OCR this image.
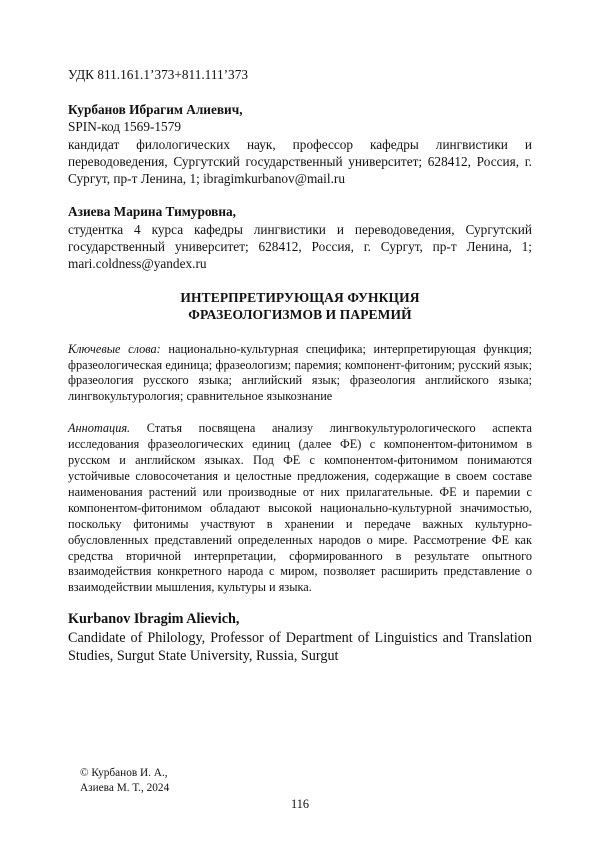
УДК 811.161.1’373+811.111’373
Курбанов Ибрагим Алиевич,
SPIN-код 1569-1579
кандидат филологических наук, профессор кафедры лингвистики и переводоведения, Сургутский государственный университет; 628412, Россия, г. Сургут, пр-т Ленина, 1; ibragimkurbanov@mail.ru
Азиева Марина Тимуровна,
студентка 4 курса кафедры лингвистики и переводоведения, Сургутский государственный университет; 628412, Россия, г. Сургут, пр-т Ленина, 1; mari.coldness@yandex.ru
ИНТЕРПРЕТИРУЮЩАЯ ФУНКЦИЯ
ФРАЗЕОЛОГИЗМОВ И ПАРЕМИЙ
Ключевые слова: национально-культурная специфика; интерпретирующая функция; фразеологическая единица; фразеологизм; паремия; компонент-фитоним; русский язык; фразеология русского языка; английский язык; фразеология английского языка; лингвокультурология; сравнительное языкознание
Аннотация. Статья посвящена анализу лингвокультурологического аспекта исследования фразеологических единиц (далее ФЕ) с компонентом-фитонимом в русском и английском языках. Под ФЕ с компонентом-фитонимом понимаются устойчивые словосочетания и целостные предложения, содержащие в своем составе наименования растений или производные от них прилагательные. ФЕ и паремии с компонентом-фитонимом обладают высокой национально-культурной значимостью, поскольку фитонимы участвуют в хранении и передаче важных культурно-обусловленных представлений определенных народов о мире. Рассмотрение ФЕ как средства вторичной интерпретации, сформированного в результате опытного взаимодействия конкретного народа с миром, позволяет расширить представление о взаимодействии мышления, культуры и языка.
Kurbanov Ibragim Alievich,
Candidate of Philology, Professor of Department of Linguistics and Translation Studies, Surgut State University, Russia, Surgut
© Курбанов И. А.,
Азиева М. Т., 2024
116
